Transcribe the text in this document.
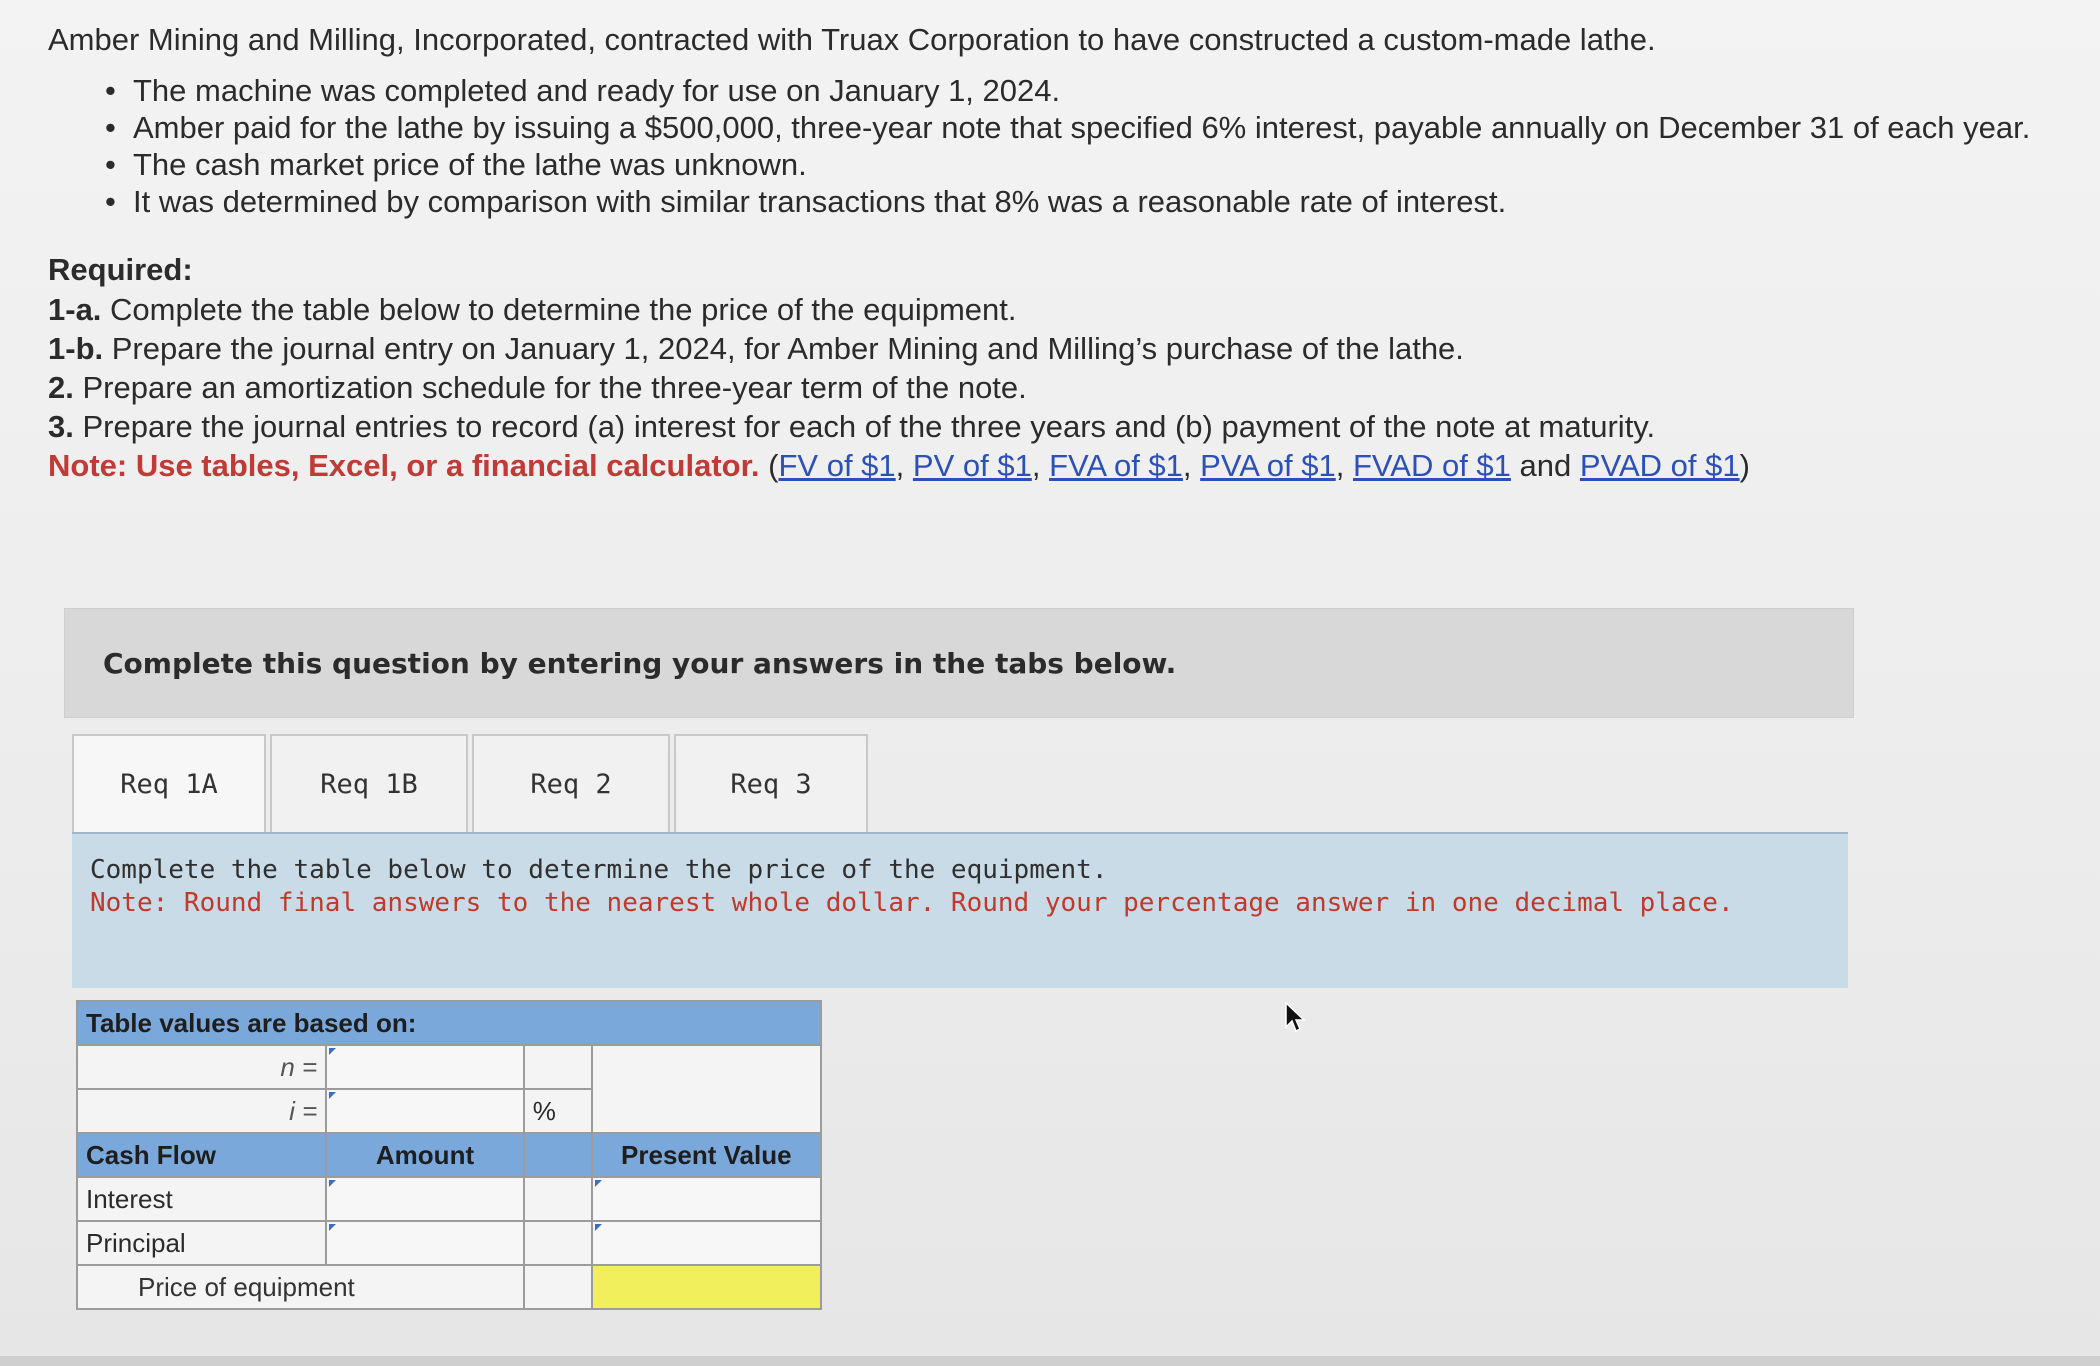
Amber Mining and Milling, Incorporated, contracted with Truax Corporation to have constructed a custom-made lathe.

• The machine was completed and ready for use on January 1, 2024.
• Amber paid for the lathe by issuing a $500,000, three-year note that specified 6% interest, payable annually on December 31 of each year.
• The cash market price of the lathe was unknown.
• It was determined by comparison with similar transactions that 8% was a reasonable rate of interest.
Required:
1-a. Complete the table below to determine the price of the equipment.
1-b. Prepare the journal entry on January 1, 2024, for Amber Mining and Milling’s purchase of the lathe.
2. Prepare an amortization schedule for the three-year term of the note.
3. Prepare the journal entries to record (a) interest for each of the three years and (b) payment of the note at maturity.
Note: Use tables, Excel, or a financial calculator. (FV of $1, PV of $1, FVA of $1, PVA of $1, FVAD of $1 and PVAD of $1)
Complete this question by entering your answers in the tabs below.
Req 1A	Req 1B	Req 2	Req 3
Complete the table below to determine the price of the equipment.
Note: Round final answers to the nearest whole dollar. Round your percentage answer in one decimal place.
Table values are based on:			
n =			
i =		%	
Cash Flow	Amount		Present Value
Interest			
Principal			
Price of equipment			
